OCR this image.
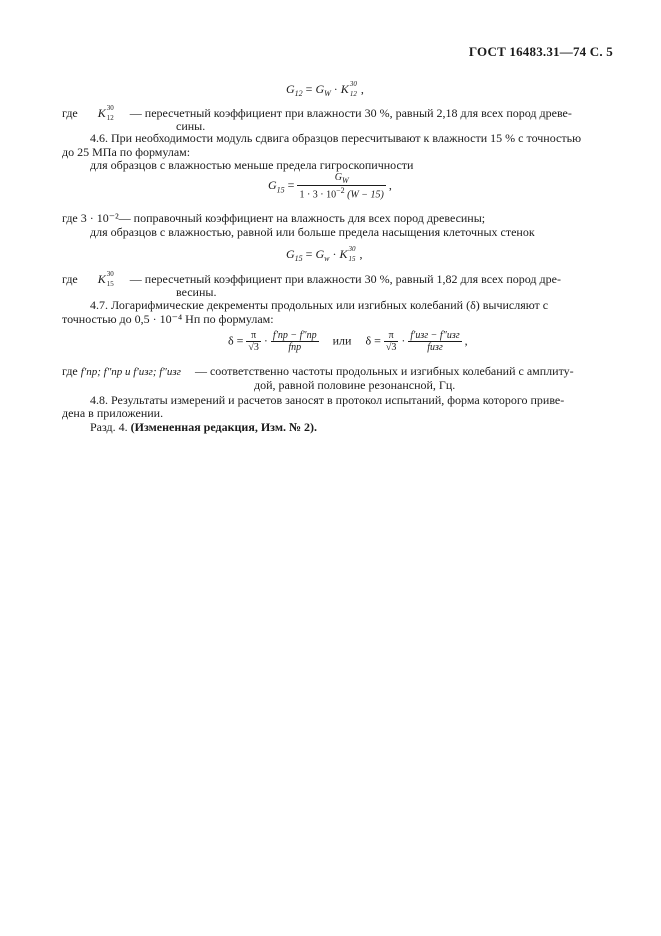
ГОСТ 16483.31—74 С. 5
$G_{12} = G_W \cdot K$ 30
12 ,
где K 30
12 — пересчетный коэффициент при влажности 30 %, равный 2,18 для всех пород древе-
сины.
4.6. При необходимости модуль сдвига образцов пересчитывают к влажности 15 % с точностью
до 25 МПа по формулам:
для образцов с влажностью меньше предела гигроскопичности
$G_{15} = \frac{G_W}{1 \cdot 3 \cdot 10^{-2} (W - 15)}$ ,
где 3 · 10⁻²— поправочный коэффициент на влажность для всех пород древесины;
для образцов с влажностью, равной или больше предела насыщения клеточных стенок
$G_{15} = G_w \cdot K$ 30
15 ,
где K 30
15 — пересчетный коэффициент при влажности 30 %, равный 1,82 для всех пород дре-
весины.
4.7. Логарифмические декременты продольных или изгибных колебаний (δ) вычисляют с
точностью до 0,5 · 10⁻⁴ Нп по формулам:
$\delta = \frac{\pi}{√3} \cdot \frac{f'пр - f''пр}{\text{fпр}}$ или $\delta = \frac{\pi}{√3} \cdot \frac{\text{f′изг − f″изг}}{\text{fизг}}$ ,
где f′пр; f″пр и f′изг; f″изг — соответственно частоты продольных и изгибных колебаний с амплиту-
дой, равной половине резонансной, Гц.
4.8. Результаты измерений и расчетов заносят в протокол испытаний, форма которого приве-
дена в приложении.
Разд. 4. (Измененная редакция, Изм. № 2).
